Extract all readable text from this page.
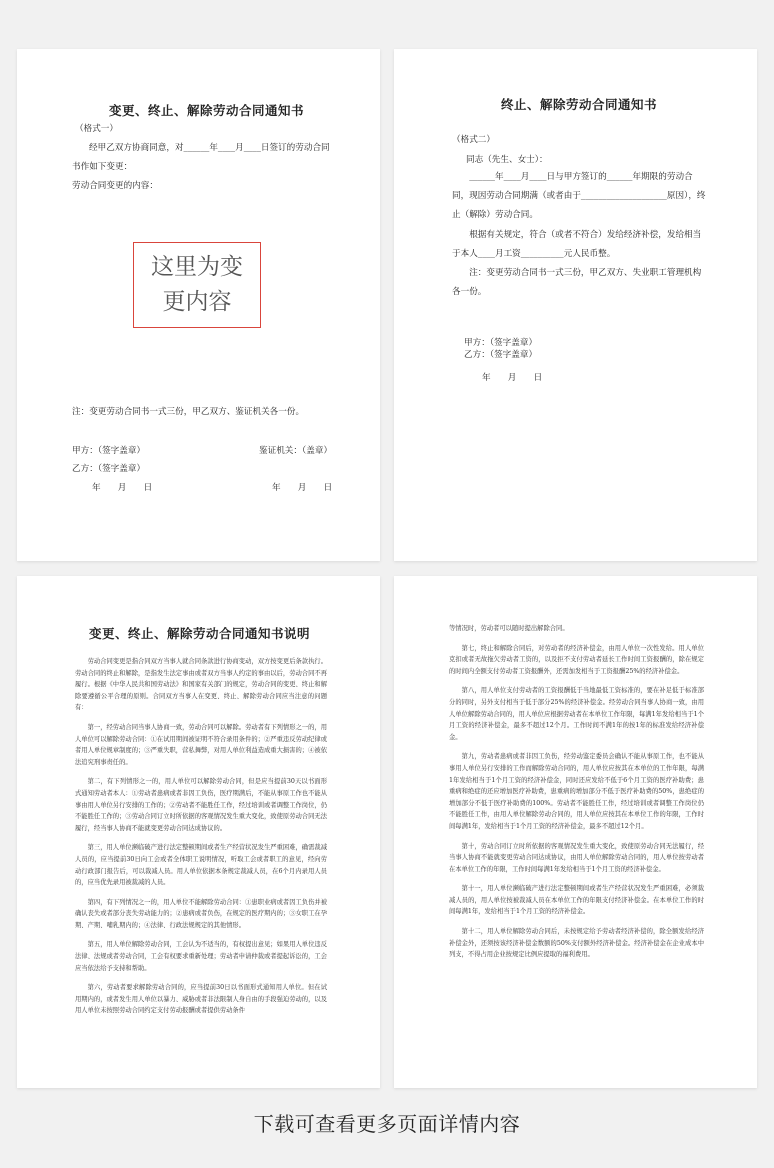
变更、终止、解除劳动合同通知书
（格式一）
经甲乙双方协商同意，对______年____月____日签订的劳动合同
书作如下变更：
劳动合同变更的内容：
这里为变更内容
注：变更劳动合同书一式三份，甲乙双方、鉴证机关各一份。
甲方：（签字盖章）	鉴证机关：（盖章）
乙方：（签字盖章）
年　　月　　日	年　　月　　日
终止、解除劳动合同通知书
（格式二）
同志（先生、女士）：
______年____月____日与甲方签订的______年期限的劳动合同，现因劳动合同期满（或者由于____________________原因），终止（解除）劳动合同。
根据有关规定，符合（或者不符合）发给经济补偿，发给相当于本人____月工资__________元人民币整。
注：变更劳动合同书一式三份，甲乙双方、失业职工管理机构各一份。
甲方：（签字盖章）
乙方：（签字盖章）
年　　月　　日
变更、终止、解除劳动合同通知书说明

劳动合同变更是指合同双方当事人就合同条款进行协商变动，双方按变更后条款执行。劳动合同的终止和解除，是指发生法定事由或者双方当事人约定的事由以后，劳动合同不再履行。根据《中华人民共和国劳动法》和国家有关部门的规定，劳动合同的变更、终止和解除要遵循公平合理的原则。合同双方当事人在变更、终止、解除劳动合同应当注意的问题有：

第一，经劳动合同当事人协商一致，劳动合同可以解除。劳动者有下列情形之一的，用人单位可以解除劳动合同：①在试用期间被证明不符合录用条件的；②严重违反劳动纪律或者用人单位规章制度的；③严重失职，营私舞弊，对用人单位利益造成重大损害的；④被依法追究刑事责任的。

第二，有下列情形之一的，用人单位可以解除劳动合同，但是应当提前30天以书面形式通知劳动者本人：①劳动者患病或者非因工负伤，医疗期满后，不能从事原工作也不能从事由用人单位另行安排的工作的；②劳动者不能胜任工作，经过培训或者调整工作岗位，仍不能胜任工作的；③劳动合同订立时所依据的客观情况发生重大变化，致使原劳动合同无法履行，经当事人协商不能就变更劳动合同达成协议的。

第三，用人单位濒临破产进行法定整顿期间或者生产经营状况发生严重困难，确需裁减人员的，应当提前30日向工会或者全体职工说明情况，听取工会或者职工的意见，经向劳动行政部门报告后，可以裁减人员。用人单位依据本条规定裁减人员，在6个月内录用人员的，应当优先录用被裁减的人员。

第四，有下列情况之一的，用人单位不能解除劳动合同：①患职业病或者因工负伤并被确认丧失或者部分丧失劳动能力的；②患病或者负伤，在规定的医疗期内的；③女职工在孕期、产期、哺乳期内的；④法律、行政法规规定的其他情形。

第五，用人单位解除劳动合同，工会认为不适当的，有权提出意见；如果用人单位违反法律、法规或者劳动合同，工会有权要求重新处理；劳动者申请仲裁或者提起诉讼的，工会应当依法给予支持和帮助。

第六，劳动者要求解除劳动合同的，应当提前30日以书面形式通知用人单位。但在试用期内的，或者发生用人单位以暴力、威胁或者非法限制人身自由的手段强迫劳动的，以及用人单位未按照劳动合同约定支付劳动报酬或者提供劳动条件

等情况时，劳动者可以随时提出解除合同。

第七，终止和解除合同后，对劳动者的经济补偿金，由用人单位一次性发给。用人单位克扣或者无故拖欠劳动者工资的，以及拒不支付劳动者延长工作时间工资报酬的，除在规定的时间内全额支付劳动者工资报酬外，还需加发相当于工资报酬25%的经济补偿金。

第八，用人单位支付劳动者的工资报酬低于当地最低工资标准的，要在补足低于标准部分的同时，另外支付相当于低于部分25%的经济补偿金。经劳动合同当事人协商一致，由用人单位解除劳动合同的，用人单位应根据劳动者在本单位工作年限，每满1年发给相当于1个月工资的经济补偿金，最多不超过12个月。工作时间不满1年的按1年的标准发给经济补偿金。

第九，劳动者患病或者非因工负伤，经劳动鉴定委员会确认不能从事原工作，也不能从事用人单位另行安排的工作而解除劳动合同的，用人单位应按其在本单位的工作年限，每满1年发给相当于1个月工资的经济补偿金，同时还应发给不低于6个月工资的医疗补助费；患重病和绝症的还应增加医疗补助费，患重病的增加部分不低于医疗补助费的50%，患绝症的增加部分不低于医疗补助费的100%。劳动者不能胜任工作，经过培训或者调整工作岗位仍不能胜任工作，由用人单位解除劳动合同的，用人单位应按其在本单位工作的年限，工作时间每满1年，发给相当于1个月工资的经济补偿金，最多不超过12个月。

第十，劳动合同订立时所依据的客观情况发生重大变化，致使原劳动合同无法履行，经当事人协商不能就变更劳动合同达成协议，由用人单位解除劳动合同的，用人单位按劳动者在本单位工作的年限，工作时间每满1年发给相当于1个月工资的经济补偿金。

第十一，用人单位濒临破产进行法定整顿期间或者生产经营状况发生严重困难，必须裁减人员的，用人单位按被裁减人员在本单位工作的年限支付经济补偿金。在本单位工作的时间每满1年，发给相当于1个月工资的经济补偿金。

第十二，用人单位解除劳动合同后，未按规定给予劳动者经济补偿的，除全额发给经济补偿金外，还须按该经济补偿金数额的50%支付额外经济补偿金。经济补偿金在企业成本中列支，不得占用企业按规定比例应提取的福利费用。

下载可查看更多页面详情内容
